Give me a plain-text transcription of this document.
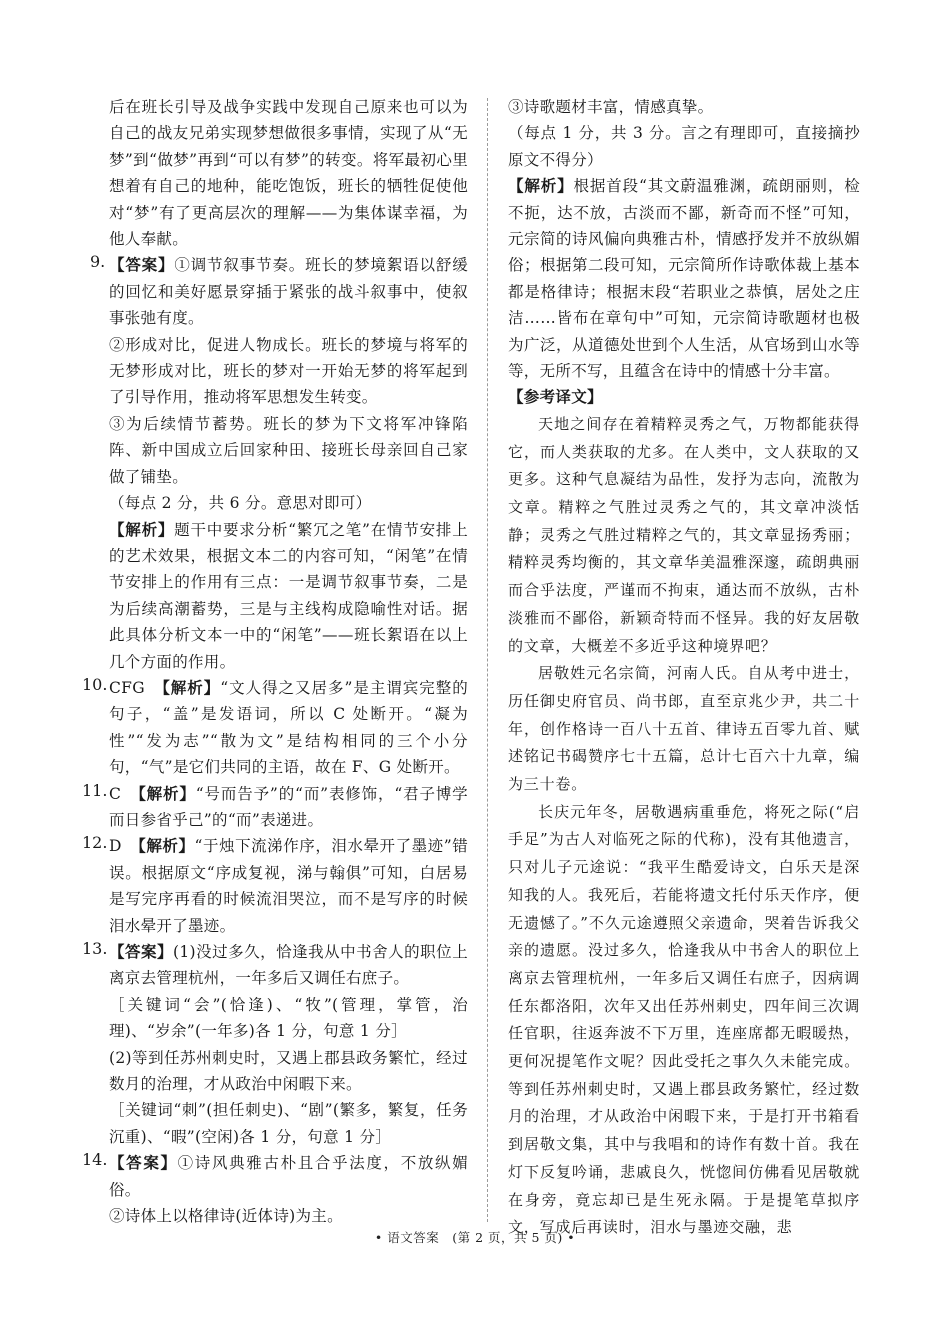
后在班长引导及战争实践中发现自己原来也可以为自己的战友兄弟实现梦想做很多事情，实现了从“无梦”到“做梦”再到“可以有梦”的转变。将军最初心里想着有自己的地种，能吃饱饭，班长的牺牲促使他对“梦”有了更高层次的理解——为集体谋幸福，为他人奉献。

9. 【答案】①调节叙事节奏。班长的梦境絮语以舒缓的回忆和美好愿景穿插于紧张的战斗叙事中，使叙事张弛有度。

②形成对比，促进人物成长。班长的梦境与将军的无梦形成对比，班长的梦对一开始无梦的将军起到了引导作用，推动将军思想发生转变。

③为后续情节蓄势。班长的梦为下文将军冲锋陷阵、新中国成立后回家种田、接班长母亲回自己家做了铺垫。

（每点 2 分，共 6 分。意思对即可）

【解析】题干中要求分析“繁冗之笔”在情节安排上的艺术效果，根据文本二的内容可知，“闲笔”在情节安排上的作用有三点：一是调节叙事节奏，二是为后续高潮蓄势，三是与主线构成隐喻性对话。据此具体分析文本一中的“闲笔”——班长絮语在以上几个方面的作用。

10. CFG　 【解析】“文人得之又居多”是主谓宾完整的句子，“盖”是发语词，所以 C 处断开。“凝为性”“发为志”“散为文”是结构相同的三个小分句，“气”是它们共同的主语，故在 F、G 处断开。

11. C　 【解析】“号而告予”的“而”表修饰，“君子博学而日参省乎己”的“而”表递进。

12. D　 【解析】“于烛下流涕作序，泪水晕开了墨迹”错误。根据原文“序成复视，涕与翰俱”可知，白居易是写完序再看的时候流泪哭泣，而不是写序的时候泪水晕开了墨迹。

13. 【答案】(1)没过多久，恰逢我从中书舍人的职位上离京去管理杭州，一年多后又调任右庶子。

［关键词“会”(恰逢)、“牧”(管理，掌管，治理)、“岁余”(一年多)各 1 分，句意 1 分］

(2)等到任苏州刺史时，又遇上郡县政务繁忙，经过数月的治理，才从政治中闲暇下来。

［关键词“刺”(担任刺史)、“剧”(繁多，繁复，任务沉重)、“暇”(空闲)各 1 分，句意 1 分］

14. 【答案】①诗风典雅古朴且合乎法度，不放纵媚俗。

②诗体上以格律诗(近体诗)为主。

③诗歌题材丰富，情感真挚。

（每点 1 分，共 3 分。言之有理即可，直接摘抄原文不得分）

【解析】根据首段“其文蔚温雅渊，疏朗丽则，检不扼，达不放，古淡而不鄙，新奇而不怪”可知，元宗简的诗风偏向典雅古朴，情感抒发并不放纵媚俗；根据第二段可知，元宗简所作诗歌体裁上基本都是格律诗；根据末段“若职业之恭慎，居处之庄洁……皆布在章句中”可知，元宗简诗歌题材也极为广泛，从道德处世到个人生活，从官场到山水等等，无所不写，且蕴含在诗中的情感十分丰富。

【参考译文】

天地之间存在着精粹灵秀之气，万物都能获得它，而人类获取的尤多。在人类中，文人获取的又更多。这种气息凝结为品性，发抒为志向，流散为文章。精粹之气胜过灵秀之气的，其文章冲淡恬静；灵秀之气胜过精粹之气的，其文章显扬秀丽；精粹灵秀均衡的，其文章华美温雅深邃，疏朗典丽而合乎法度，严谨而不拘束，通达而不放纵，古朴淡雅而不鄙俗，新颖奇特而不怪异。我的好友居敬的文章，大概差不多近乎这种境界吧？

居敬姓元名宗简，河南人氏。自从考中进士，历任御史府官员、尚书郎，直至京兆少尹，共二十年，创作格诗一百八十五首、律诗五百零九首、赋述铭记书碣赞序七十五篇，总计七百六十九章，编为三十卷。

长庆元年冬，居敬遇病重垂危，将死之际(“启手足”为古人对临死之际的代称)，没有其他遗言，只对儿子元途说：“我平生酷爱诗文，白乐天是深知我的人。我死后，若能将遗文托付乐天作序，便无遗憾了。”不久元途遵照父亲遗命，哭着告诉我父亲的遗愿。没过多久，恰逢我从中书舍人的职位上离京去管理杭州，一年多后又调任右庶子，因病调任东都洛阳，次年又出任苏州刺史，四年间三次调任官职，往返奔波不下万里，连座席都无暇暖热，更何况提笔作文呢？因此受托之事久久未能完成。等到任苏州刺史时，又遇上郡县政务繁忙，经过数月的治理，才从政治中闲暇下来，于是打开书箱看到居敬文集，其中与我唱和的诗作有数十首。我在灯下反复吟诵，悲戚良久，恍惚间仿佛看见居敬就在身旁，竟忘却已是生死永隔。于是提笔草拟序文，写成后再读时，泪水与墨迹交融，悲

• 语文答案　(第 2 页，共 5 页) •
